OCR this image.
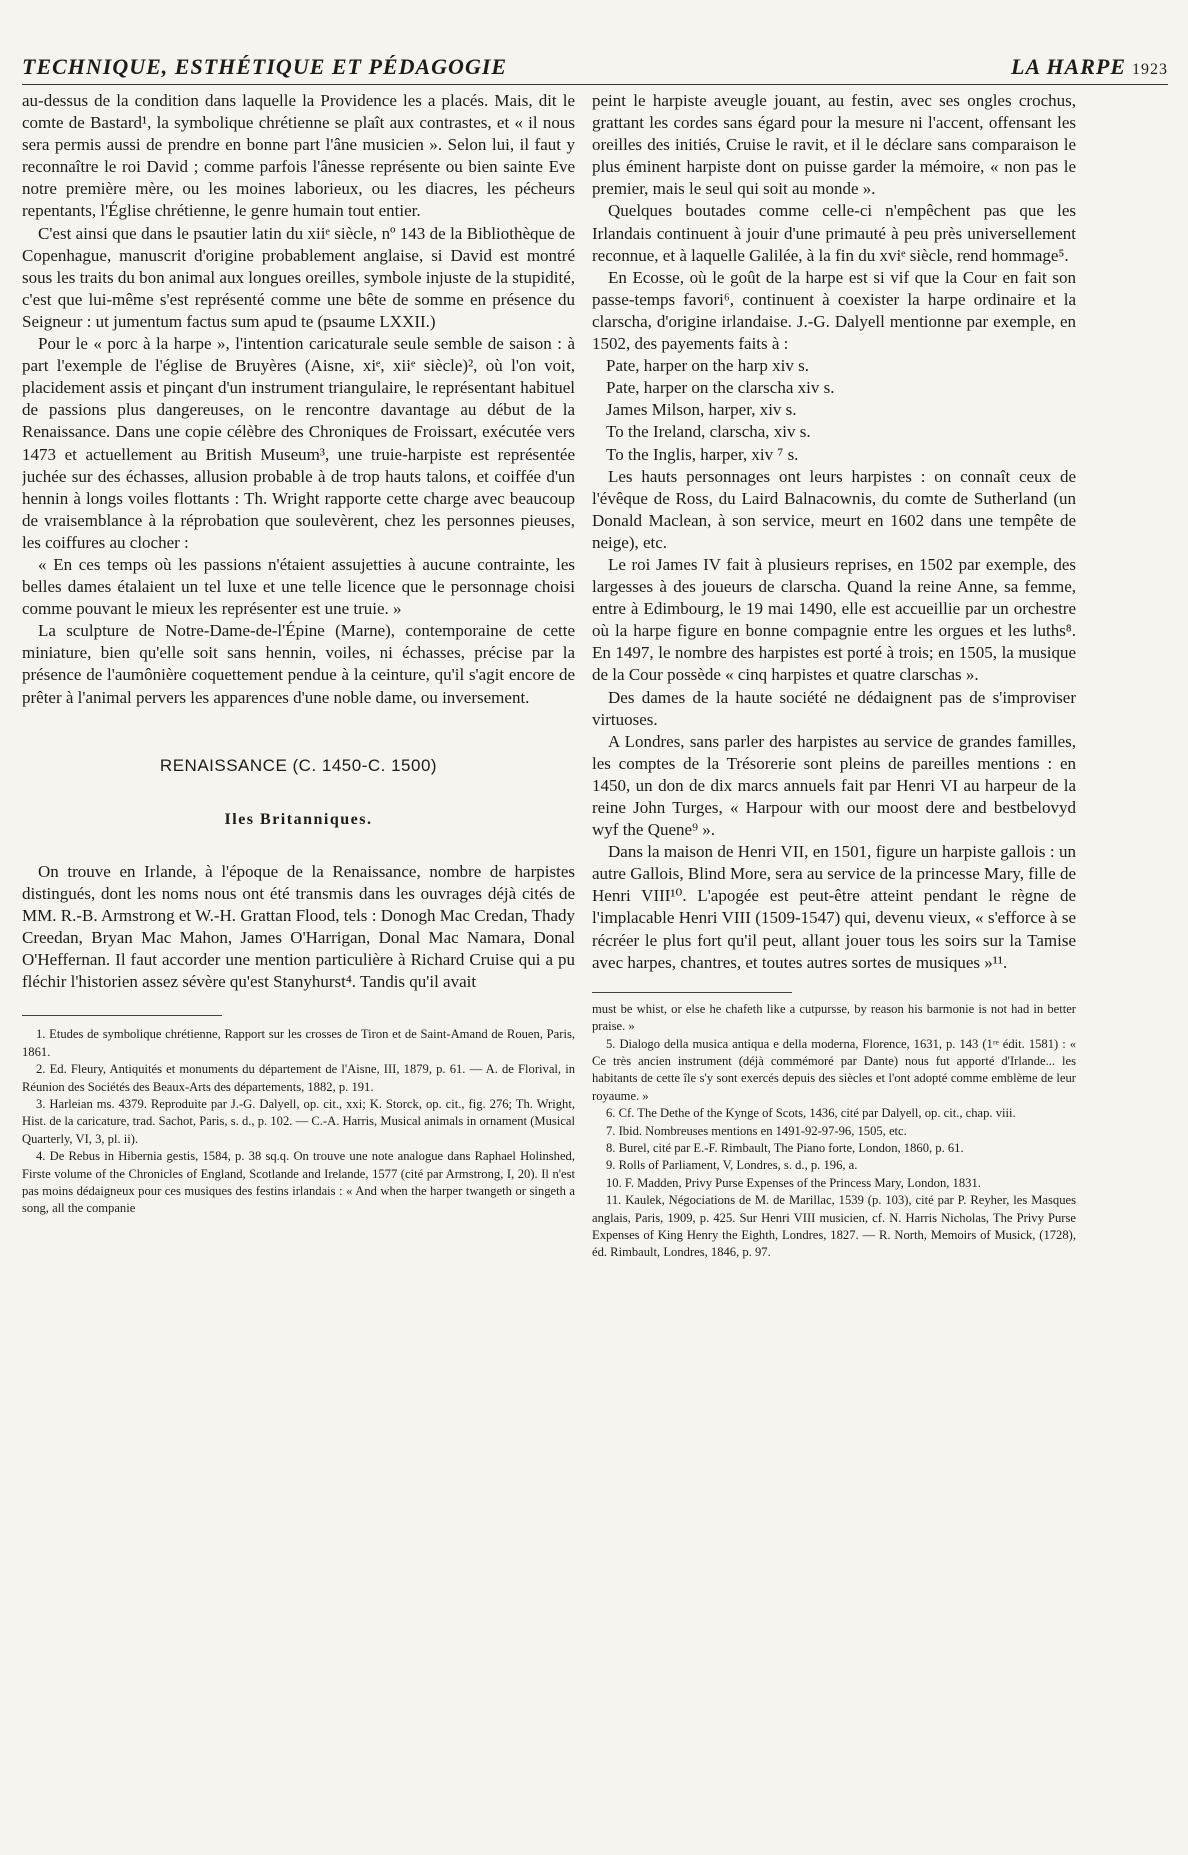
TECHNIQUE, ESTHÉTIQUE ET PÉDAGOGIE	LA HARPE 1923

au-dessus de la condition dans laquelle la Providence les a placés. Mais, dit le comte de Bastard¹, la symbolique chrétienne se plaît aux contrastes, et « il nous sera permis aussi de prendre en bonne part l'âne musicien ». Selon lui, il faut y reconnaître le roi David ; comme parfois l'ânesse représente ou bien sainte Eve notre première mère, ou les moines laborieux, ou les diacres, les pécheurs repentants, l'Église chrétienne, le genre humain tout entier.

C'est ainsi que dans le psautier latin du xiiᵉ siècle, nº 143 de la Bibliothèque de Copenhague, manuscrit d'origine probablement anglaise, si David est montré sous les traits du bon animal aux longues oreilles, symbole injuste de la stupidité, c'est que lui-même s'est représenté comme une bête de somme en présence du Seigneur : ut jumentum factus sum apud te (psaume LXXII.)

Pour le « porc à la harpe », l'intention caricaturale seule semble de saison : à part l'exemple de l'église de Bruyères (Aisne, xiᵉ, xiiᵉ siècle)², où l'on voit, placidement assis et pinçant d'un instrument triangulaire, le représentant habituel de passions plus dangereuses, on le rencontre davantage au début de la Renaissance. Dans une copie célèbre des Chroniques de Froissart, exécutée vers 1473 et actuellement au British Museum³, une truie-harpiste est représentée juchée sur des échasses, allusion probable à de trop hauts talons, et coiffée d'un hennin à longs voiles flottants : Th. Wright rapporte cette charge avec beaucoup de vraisemblance à la réprobation que soulevèrent, chez les personnes pieuses, les coiffures au clocher :

« En ces temps où les passions n'étaient assujetties à aucune contrainte, les belles dames étalaient un tel luxe et une telle licence que le personnage choisi comme pouvant le mieux les représenter est une truie. »

La sculpture de Notre-Dame-de-l'Épine (Marne), contemporaine de cette miniature, bien qu'elle soit sans hennin, voiles, ni échasses, précise par la présence de l'aumônière coquettement pendue à la ceinture, qu'il s'agit encore de prêter à l'animal pervers les apparences d'une noble dame, ou inversement.

RENAISSANCE (C. 1450-C. 1500)
Iles Britanniques.

On trouve en Irlande, à l'époque de la Renaissance, nombre de harpistes distingués, dont les noms nous ont été transmis dans les ouvrages déjà cités de MM. R.-B. Armstrong et W.-H. Grattan Flood, tels : Donogh Mac Credan, Thady Creedan, Bryan Mac Mahon, James O'Harrigan, Donal Mac Namara, Donal O'Heffernan. Il faut accorder une mention particulière à Richard Cruise qui a pu fléchir l'historien assez sévère qu'est Stanyhurst⁴. Tandis qu'il avait

1. Etudes de symbolique chrétienne, Rapport sur les crosses de Tiron et de Saint-Amand de Rouen, Paris, 1861.

2. Ed. Fleury, Antiquités et monuments du département de l'Aisne, III, 1879, p. 61. — A. de Florival, in Réunion des Sociétés des Beaux-Arts des départements, 1882, p. 191.

3. Harleian ms. 4379. Reproduite par J.-G. Dalyell, op. cit., xxi; K. Storck, op. cit., fig. 276; Th. Wright, Hist. de la caricature, trad. Sachot, Paris, s. d., p. 102. — C.-A. Harris, Musical animals in ornament (Musical Quarterly, VI, 3, pl. ii).

4. De Rebus in Hibernia gestis, 1584, p. 38 sq.q. On trouve une note analogue dans Raphael Holinshed, Firste volume of the Chronicles of England, Scotlande and Irelande, 1577 (cité par Armstrong, I, 20). Il n'est pas moins dédaigneux pour ces musiques des festins irlandais : « And when the harper twangeth or singeth a song, all the companie

peint le harpiste aveugle jouant, au festin, avec ses ongles crochus, grattant les cordes sans égard pour la mesure ni l'accent, offensant les oreilles des initiés, Cruise le ravit, et il le déclare sans comparaison le plus éminent harpiste dont on puisse garder la mémoire, « non pas le premier, mais le seul qui soit au monde ».

Quelques boutades comme celle-ci n'empêchent pas que les Irlandais continuent à jouir d'une primauté à peu près universellement reconnue, et à laquelle Galilée, à la fin du xviᵉ siècle, rend hommage⁵.

En Ecosse, où le goût de la harpe est si vif que la Cour en fait son passe-temps favori⁶, continuent à coexister la harpe ordinaire et la clarscha, d'origine irlandaise. J.-G. Dalyell mentionne par exemple, en 1502, des payements faits à :

Pate, harper on the harp xiv s.

Pate, harper on the clarscha xiv s.

James Milson, harper, xiv s.

To the Ireland, clarscha, xiv s.

To the Inglis, harper, xiv ⁷ s.

Les hauts personnages ont leurs harpistes : on connaît ceux de l'évêque de Ross, du Laird Balnacownis, du comte de Sutherland (un Donald Maclean, à son service, meurt en 1602 dans une tempête de neige), etc.

Le roi James IV fait à plusieurs reprises, en 1502 par exemple, des largesses à des joueurs de clarscha. Quand la reine Anne, sa femme, entre à Edimbourg, le 19 mai 1490, elle est accueillie par un orchestre où la harpe figure en bonne compagnie entre les orgues et les luths⁸. En 1497, le nombre des harpistes est porté à trois; en 1505, la musique de la Cour possède « cinq harpistes et quatre clarschas ».

Des dames de la haute société ne dédaignent pas de s'improviser virtuoses.

A Londres, sans parler des harpistes au service de grandes familles, les comptes de la Trésorerie sont pleins de pareilles mentions : en 1450, un don de dix marcs annuels fait par Henri VI au harpeur de la reine John Turges, « Harpour with our moost dere and bestbelovyd wyf the Quene⁹ ».

Dans la maison de Henri VII, en 1501, figure un harpiste gallois : un autre Gallois, Blind More, sera au service de la princesse Mary, fille de Henri VIII¹⁰. L'apogée est peut-être atteint pendant le règne de l'implacable Henri VIII (1509-1547) qui, devenu vieux, « s'efforce à se récréer le plus fort qu'il peut, allant jouer tous les soirs sur la Tamise avec harpes, chantres, et toutes autres sortes de musiques »¹¹.

must be whist, or else he chafeth like a cutpursse, by reason his barmonie is not had in better praise. »

5. Dialogo della musica antiqua e della moderna, Florence, 1631, p. 143 (1ʳᵉ édit. 1581) : « Ce très ancien instrument (déjà commémoré par Dante) nous fut apporté d'Irlande... les habitants de cette île s'y sont exercés depuis des siècles et l'ont adopté comme emblème de leur royaume. »

6. Cf. The Dethe of the Kynge of Scots, 1436, cité par Dalyell, op. cit., chap. viii.

7. Ibid. Nombreuses mentions en 1491-92-97-96, 1505, etc.

8. Burel, cité par E.-F. Rimbault, The Piano forte, London, 1860, p. 61.

9. Rolls of Parliament, V, Londres, s. d., p. 196, a.

10. F. Madden, Privy Purse Expenses of the Princess Mary, London, 1831.

11. Kaulek, Négociations de M. de Marillac, 1539 (p. 103), cité par P. Reyher, les Masques anglais, Paris, 1909, p. 425. Sur Henri VIII musicien, cf. N. Harris Nicholas, The Privy Purse Expenses of King Henry the Eighth, Londres, 1827. — R. North, Memoirs of Musick, (1728), éd. Rimbault, Londres, 1846, p. 97.
